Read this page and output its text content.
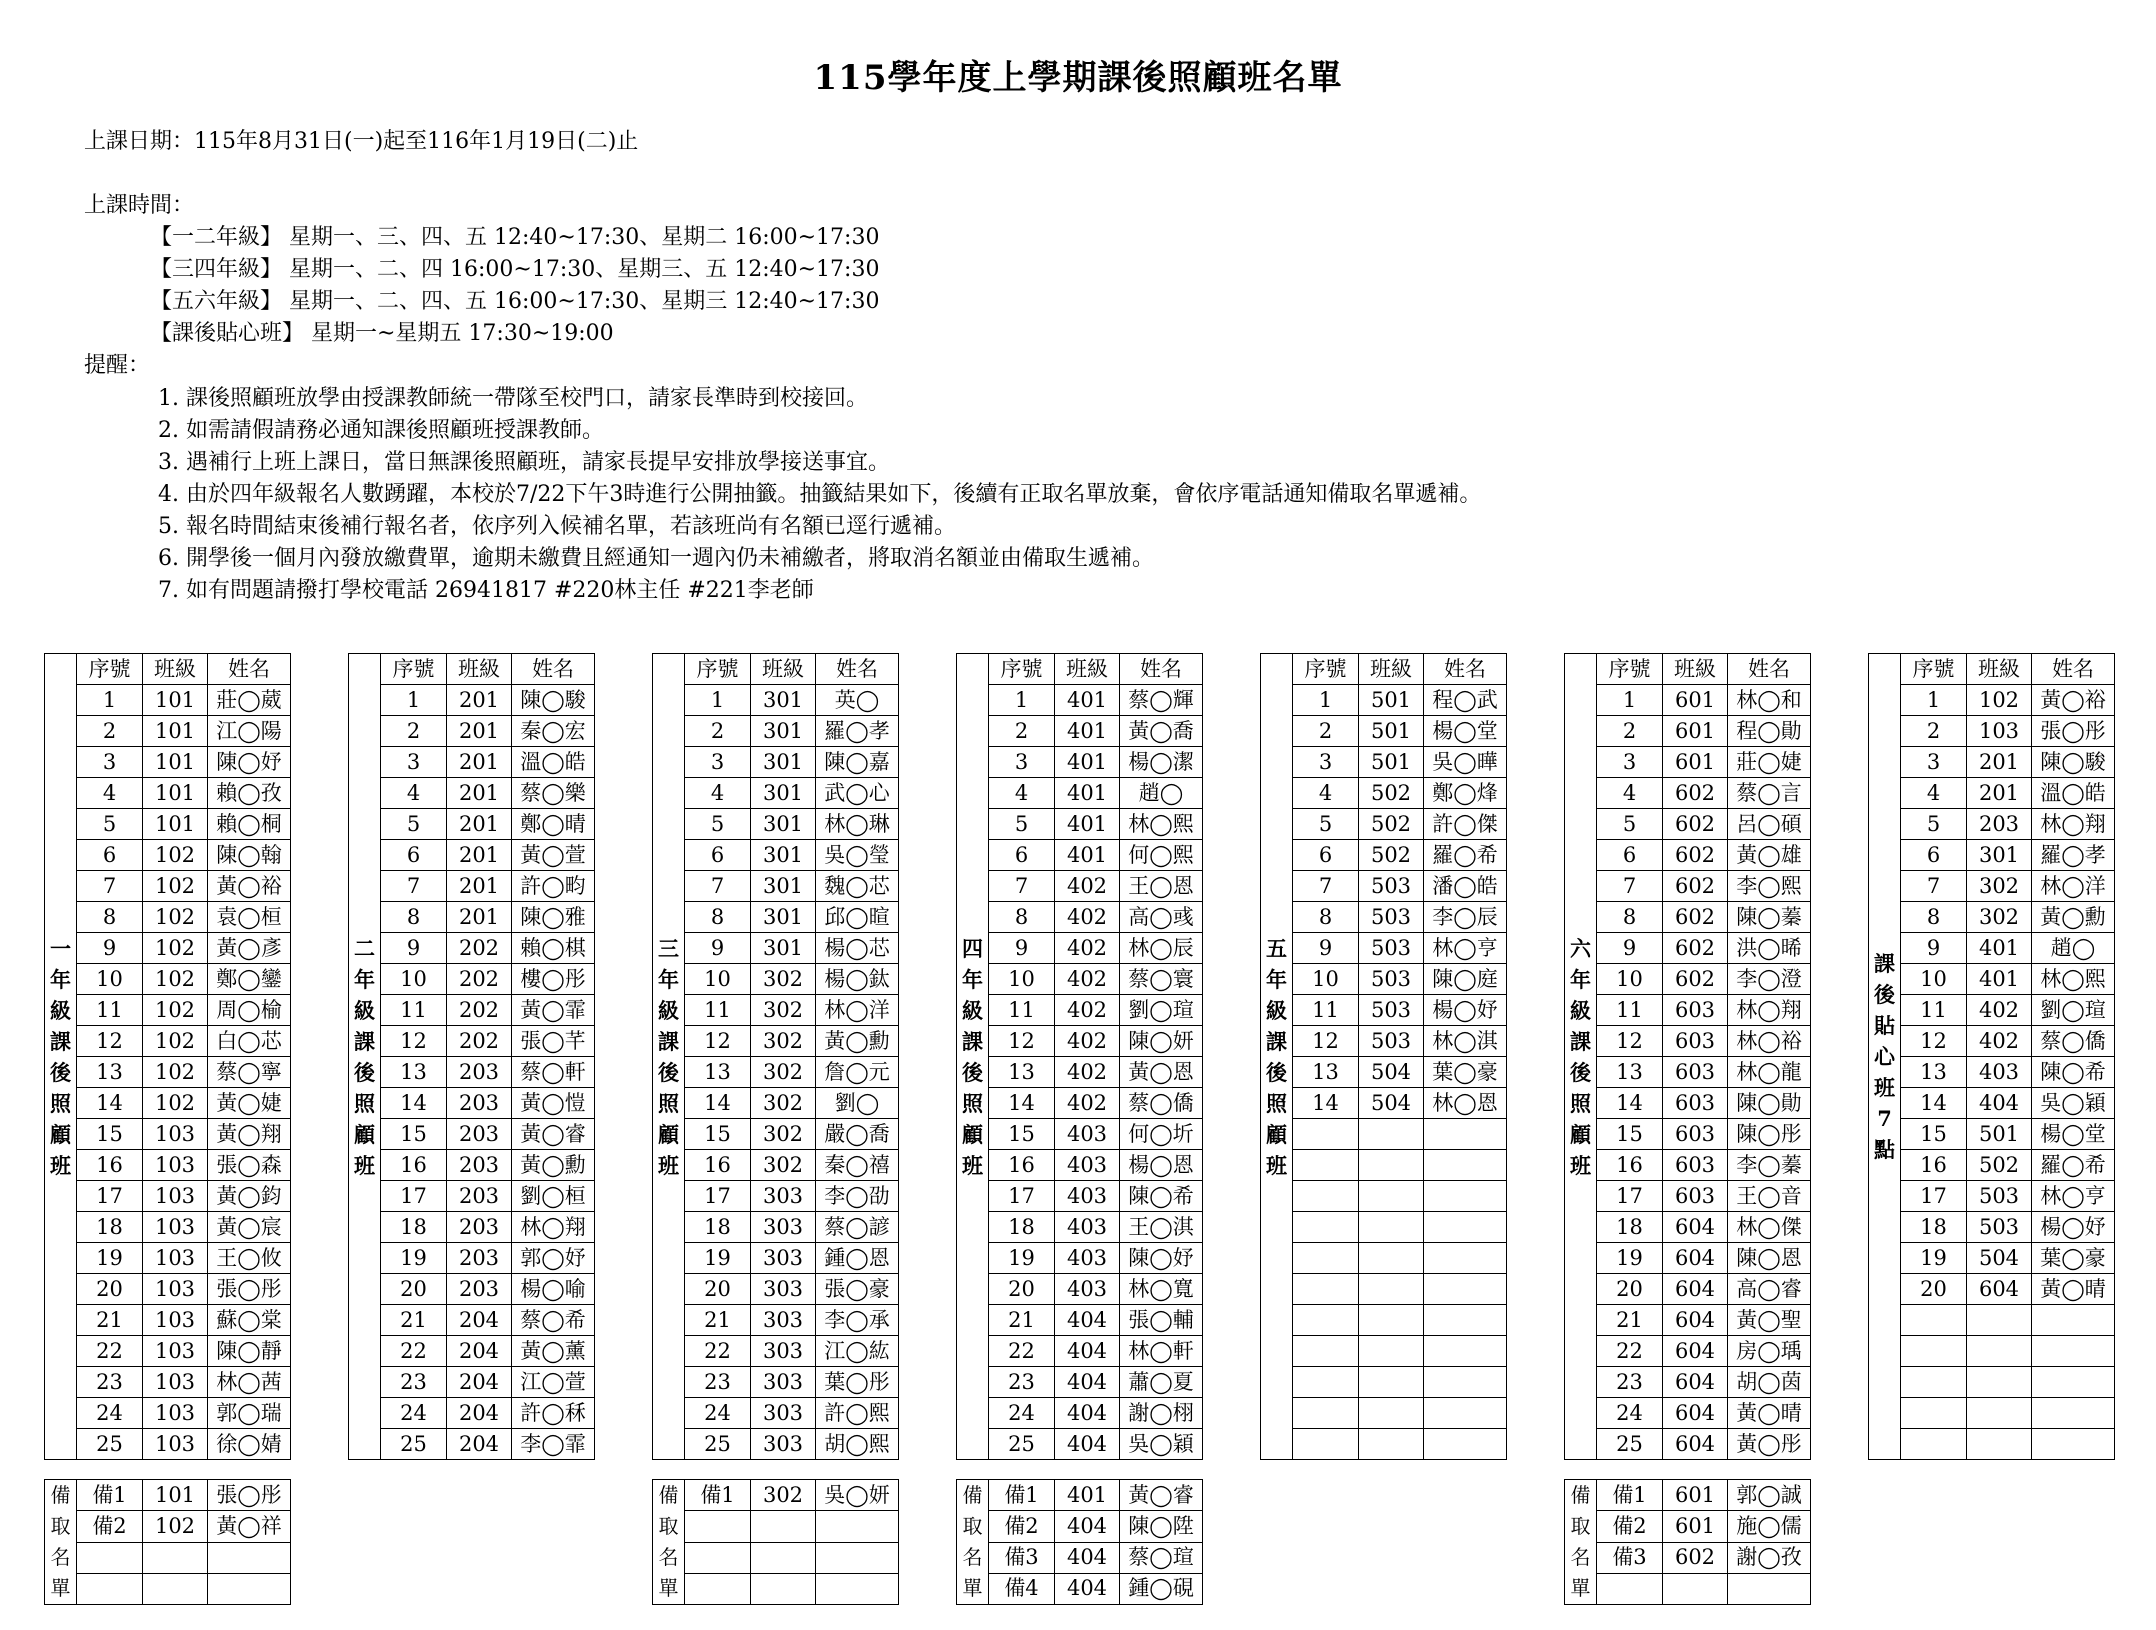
115學年度上學期課後照顧班名單
上課日期：115年8月31日(一)起至116年1月19日(二)止
上課時間：
【一二年級】 星期一、三、四、五 12:40~17:30、星期二 16:00~17:30
【三四年級】 星期一、二、四 16:00~17:30、星期三、五 12:40~17:30
【五六年級】 星期一、二、四、五 16:00~17:30、星期三 12:40~17:30
【課後貼心班】 星期一~星期五 17:30~19:00
提醒：
1. 課後照顧班放學由授課教師統一帶隊至校門口，請家長準時到校接回。
2. 如需請假請務必通知課後照顧班授課教師。
3. 遇補行上班上課日，當日無課後照顧班，請家長提早安排放學接送事宜。
4. 由於四年級報名人數踴躍，本校於7/22下午3時進行公開抽籤。抽籤結果如下，後續有正取名單放棄，會依序電話通知備取名單遞補。
5. 報名時間結束後補行報名者，依序列入候補名單，若該班尚有名額已逕行遞補。
6. 開學後一個月內發放繳費單，逾期未繳費且經通知一週內仍未補繳者，將取消名額並由備取生遞補。
7. 如有問題請撥打學校電話 26941817 #220林主任 #221李老師
一年級課後照顧班	序號	班級	姓名
	1	101	莊◯葳
	2	101	江◯陽
	3	101	陳◯妤
	4	101	賴◯孜
	5	101	賴◯桐
	6	102	陳◯翰
	7	102	黃◯裕
	8	102	袁◯桓
	9	102	黃◯彥
	10	102	鄭◯鑾
	11	102	周◯榆
	12	102	白◯芯
	13	102	蔡◯寧
	14	102	黃◯婕
	15	103	黃◯翔
	16	103	張◯森
	17	103	黃◯鈞
	18	103	黃◯宸
	19	103	王◯攸
	20	103	張◯彤
	21	103	蘇◯棠
	22	103	陳◯靜
	23	103	林◯茜
	24	103	郭◯瑞
	25	103	徐◯婧
二年級課後照顧班	序號	班級	姓名
	1	201	陳◯駿
	2	201	秦◯宏
	3	201	溫◯皓
	4	201	蔡◯樂
	5	201	鄭◯晴
	6	201	黃◯萱
	7	201	許◯畇
	8	201	陳◯雅
	9	202	賴◯棋
	10	202	樓◯彤
	11	202	黃◯霏
	12	202	張◯芊
	13	203	蔡◯軒
	14	203	黃◯愷
	15	203	黃◯睿
	16	203	黃◯勳
	17	203	劉◯桓
	18	203	林◯翔
	19	203	郭◯妤
	20	203	楊◯喻
	21	204	蔡◯希
	22	204	黃◯薰
	23	204	江◯萱
	24	204	許◯秝
	25	204	李◯霏
三年級課後照顧班	序號	班級	姓名
	1	301	英◯
	2	301	羅◯孝
	3	301	陳◯嘉
	4	301	武◯心
	5	301	林◯琳
	6	301	吳◯瑩
	7	301	魏◯芯
	8	301	邱◯暄
	9	301	楊◯芯
	10	302	楊◯鈦
	11	302	林◯洋
	12	302	黃◯勳
	13	302	詹◯元
	14	302	劉◯
	15	302	嚴◯喬
	16	302	秦◯禧
	17	303	李◯劭
	18	303	蔡◯諺
	19	303	鍾◯恩
	20	303	張◯豪
	21	303	李◯承
	22	303	江◯紘
	23	303	葉◯彤
	24	303	許◯熙
	25	303	胡◯熙
四年級課後照顧班	序號	班級	姓名
	1	401	蔡◯輝
	2	401	黃◯喬
	3	401	楊◯潔
	4	401	趙◯
	5	401	林◯熙
	6	401	何◯熙
	7	402	王◯恩
	8	402	高◯彧
	9	402	林◯辰
	10	402	蔡◯寰
	11	402	劉◯瑄
	12	402	陳◯妍
	13	402	黃◯恩
	14	402	蔡◯僑
	15	403	何◯圻
	16	403	楊◯恩
	17	403	陳◯希
	18	403	王◯淇
	19	403	陳◯妤
	20	403	林◯寬
	21	404	張◯輔
	22	404	林◯軒
	23	404	蕭◯夏
	24	404	謝◯栩
	25	404	吳◯穎
五年級課後照顧班	序號	班級	姓名
	1	501	程◯武
	2	501	楊◯堂
	3	501	吳◯曄
	4	502	鄭◯烽
	5	502	許◯傑
	6	502	羅◯希
	7	503	潘◯皓
	8	503	李◯辰
	9	503	林◯亨
	10	503	陳◯庭
	11	503	楊◯妤
	12	503	林◯淇
	13	504	葉◯豪
	14	504	林◯恩

六年級課後照顧班	序號	班級	姓名
	1	601	林◯和
	2	601	程◯勛
	3	601	莊◯婕
	4	602	蔡◯言
	5	602	呂◯碩
	6	602	黃◯雄
	7	602	李◯熙
	8	602	陳◯蓁
	9	602	洪◯晞
	10	602	李◯澄
	11	603	林◯翔
	12	603	林◯裕
	13	603	林◯龍
	14	603	陳◯勛
	15	603	陳◯彤
	16	603	李◯蓁
	17	603	王◯音
	18	604	林◯傑
	19	604	陳◯恩
	20	604	高◯睿
	21	604	黃◯聖
	22	604	房◯瑀
	23	604	胡◯茵
	24	604	黃◯晴
	25	604	黃◯彤
課後貼心班7點	序號	班級	姓名
	1	102	黃◯裕
	2	103	張◯彤
	3	201	陳◯駿
	4	201	溫◯皓
	5	203	林◯翔
	6	301	羅◯孝
	7	302	林◯洋
	8	302	黃◯勳
	9	401	趙◯
	10	401	林◯熙
	11	402	劉◯瑄
	12	402	蔡◯僑
	13	403	陳◯希
	14	404	吳◯穎
	15	501	楊◯堂
	16	502	羅◯希
	17	503	林◯亨
	18	503	楊◯妤
	19	504	葉◯豪
	20	604	黃◯晴

備取名單	備1	101	張◯彤
	備2	102	黃◯祥

備取名單	備1	302	吳◯妍

			備取名單	備1	401	黃◯睿
	備2	404	陳◯陞
	備3	404	蔡◯瑄
	備4	404	鍾◯硯
備取名單	備1	601	郭◯誠
	備2	601	施◯儒
	備3	602	謝◯孜
